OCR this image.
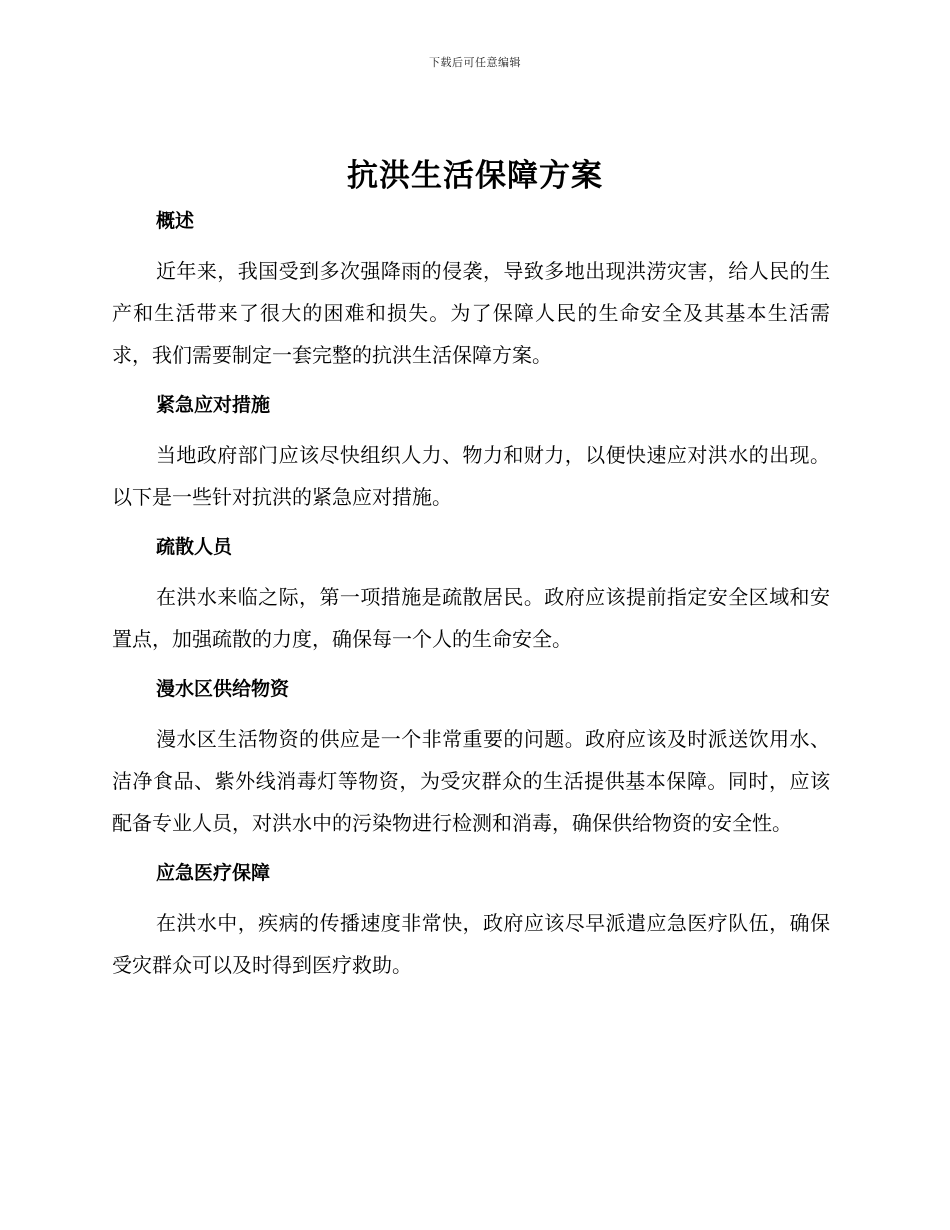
下载后可任意编辑
抗洪生活保障方案
概述

近年来，我国受到多次强降雨的侵袭，导致多地出现洪涝灾害，给人民的生产和生活带来了很大的困难和损失。为了保障人民的生命安全及其基本生活需求，我们需要制定一套完整的抗洪生活保障方案。

紧急应对措施

当地政府部门应该尽快组织人力、物力和财力，以便快速应对洪水的出现。以下是一些针对抗洪的紧急应对措施。

疏散人员

在洪水来临之际，第一项措施是疏散居民。政府应该提前指定安全区域和安置点，加强疏散的力度，确保每一个人的生命安全。

漫水区供给物资

漫水区生活物资的供应是一个非常重要的问题。政府应该及时派送饮用水、洁净食品、紫外线消毒灯等物资，为受灾群众的生活提供基本保障。同时，应该配备专业人员，对洪水中的污染物进行检测和消毒，确保供给物资的安全性。

应急医疗保障

在洪水中，疾病的传播速度非常快，政府应该尽早派遣应急医疗队伍，确保受灾群众可以及时得到医疗救助。
